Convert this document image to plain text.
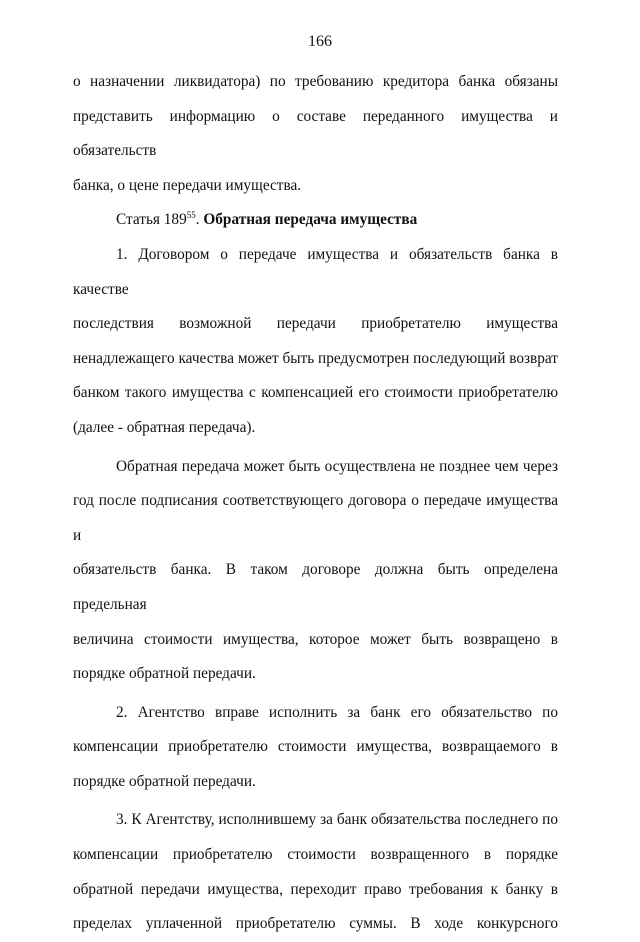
166

о назначении ликвидатора) по требованию кредитора банка обязаны

представить информацию о составе переданного имущества и обязательств

банка, о цене передачи имущества.

Статья $189^{55}$. Обратная передача имущества

1. Договором о передаче имущества и обязательств банка в качестве

последствия возможной передачи приобретателю имущества

ненадлежащего качества может быть предусмотрен последующий возврат

банком такого имущества с компенсацией его стоимости приобретателю

(далее - обратная передача).

Обратная передача может быть осуществлена не позднее чем через

год после подписания соответствующего договора о передаче имущества и

обязательств банка. В таком договоре должна быть определена предельная

величина стоимости имущества, которое может быть возвращено в

порядке обратной передачи.

2. Агентство вправе исполнить за банк его обязательство по

компенсации приобретателю стоимости имущества, возвращаемого в

порядке обратной передачи.

3. К Агентству, исполнившему за банк обязательства последнего по

компенсации приобретателю стоимости возвращенного в порядке

обратной передачи имущества, переходит право требования к банку в

пределах уплаченной приобретателю суммы. В ходе конкурсного
